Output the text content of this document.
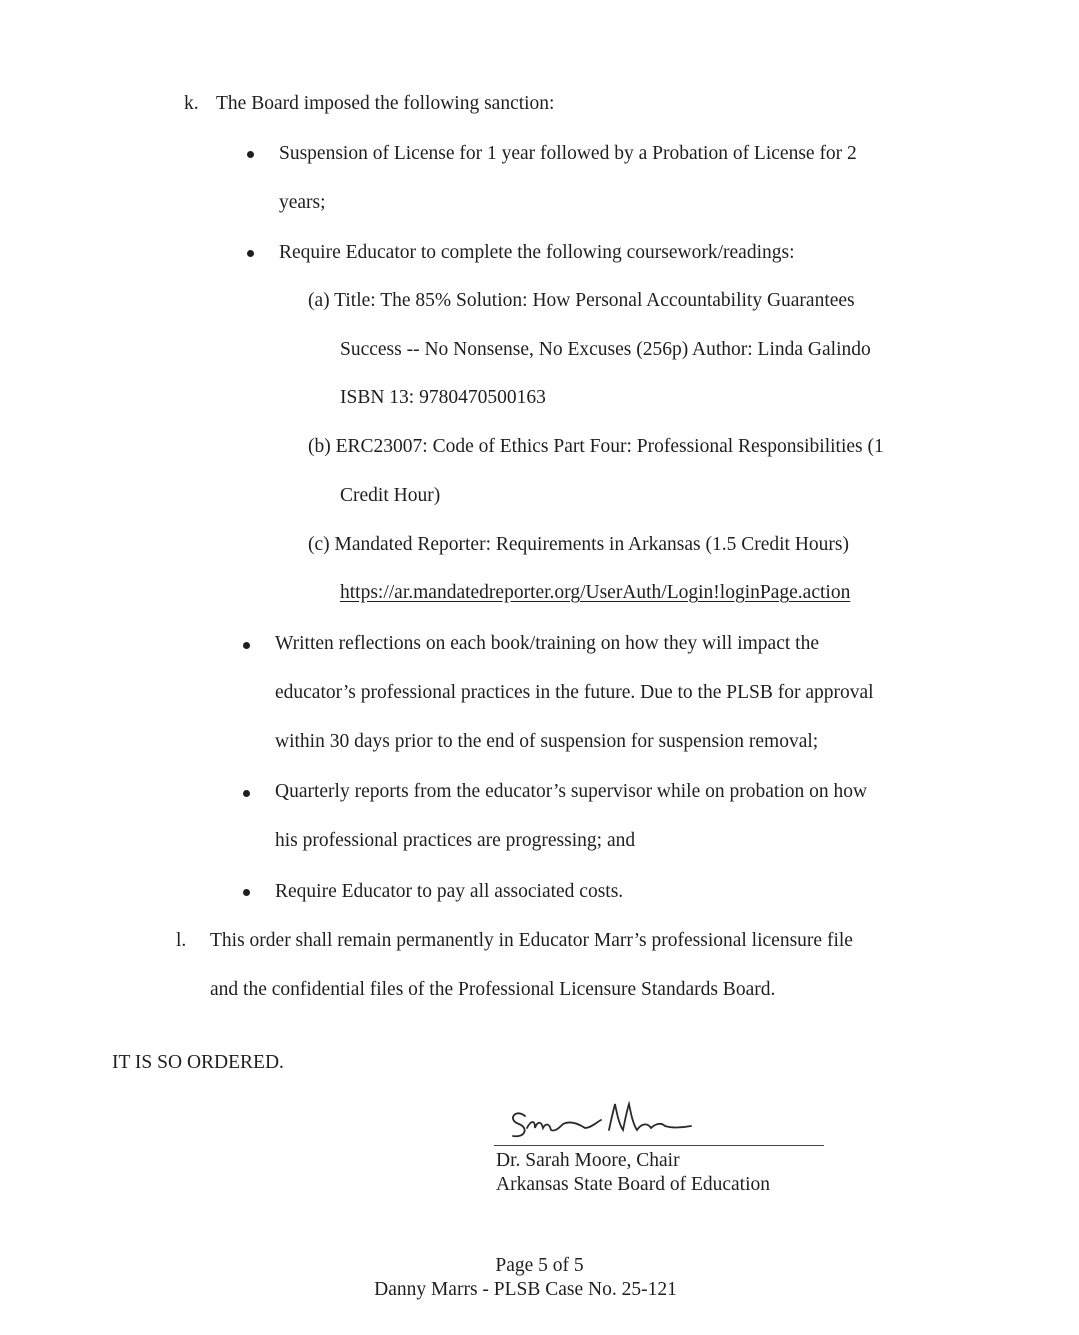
k. The Board imposed the following sanction:
Suspension of License for 1 year followed by a Probation of License for 2
years;
Require Educator to complete the following coursework/readings:
(a) Title: The 85% Solution: How Personal Accountability Guarantees
Success -- No Nonsense, No Excuses (256p) Author: Linda Galindo
ISBN 13: 9780470500163
(b) ERC23007: Code of Ethics Part Four: Professional Responsibilities (1
Credit Hour)
(c) Mandated Reporter: Requirements in Arkansas (1.5 Credit Hours)
https://ar.mandatedreporter.org/UserAuth/Login!loginPage.action
Written reflections on each book/training on how they will impact the
educator’s professional practices in the future. Due to the PLSB for approval
within 30 days prior to the end of suspension for suspension removal;
Quarterly reports from the educator’s supervisor while on probation on how
his professional practices are progressing; and
Require Educator to pay all associated costs.
l. This order shall remain permanently in Educator Marr’s professional licensure file
and the confidential files of the Professional Licensure Standards Board.
IT IS SO ORDERED.
Dr. Sarah Moore, Chair
Arkansas State Board of Education
Page 5 of 5
Danny Marrs - PLSB Case No. 25-121
